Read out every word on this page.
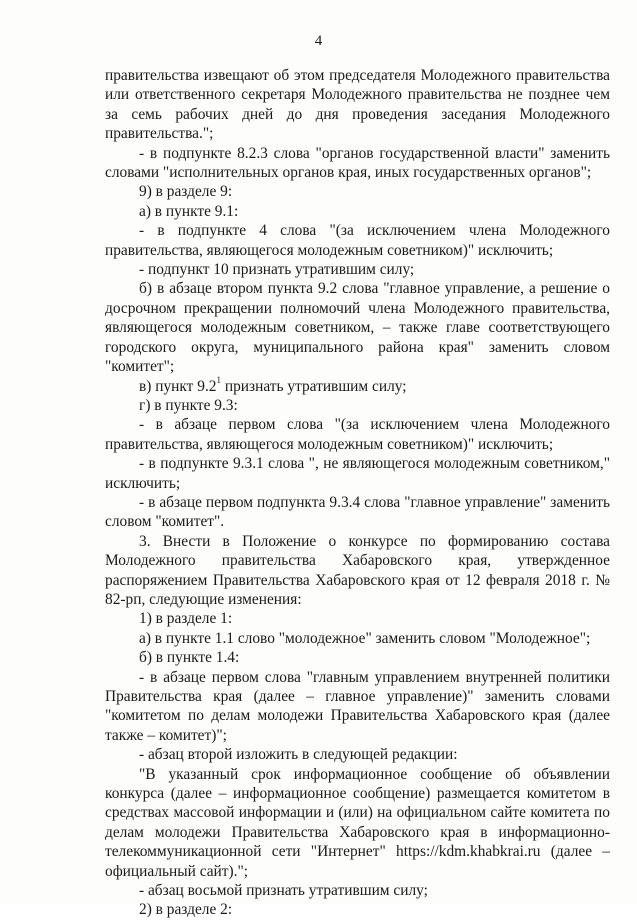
4

правительства извещают об этом председателя Молодежного правительства или ответственного секретаря Молодежного правительства не позднее чем за семь рабочих дней до дня проведения заседания Молодежного правительства.";

- в подпункте 8.2.3 слова "органов государственной власти" заменить словами "исполнительных органов края, иных государственных органов";

9) в разделе 9:

а) в пункте 9.1:

- в подпункте 4 слова "(за исключением члена Молодежного правительства, являющегося молодежным советником)" исключить;

- подпункт 10 признать утратившим силу;

б) в абзаце втором пункта 9.2 слова "главное управление, а решение о досрочном прекращении полномочий члена Молодежного правительства, являющегося молодежным советником, – также главе соответствующего городского округа, муниципального района края" заменить словом "комитет";

в) пункт $9.2^1$ признать утратившим силу;

г) в пункте 9.3:

- в абзаце первом слова "(за исключением члена Молодежного правительства, являющегося молодежным советником)" исключить;

- в подпункте 9.3.1 слова ", не являющегося молодежным советником," исключить;

- в абзаце первом подпункта 9.3.4 слова "главное управление" заменить словом "комитет".

3. Внести в Положение о конкурсе по формированию состава Молодежного правительства Хабаровского края, утвержденное распоряжением Правительства Хабаровского края от 12 февраля 2018 г. № 82-рп, следующие изменения:

1) в разделе 1:

а) в пункте 1.1 слово "молодежное" заменить словом "Молодежное";

б) в пункте 1.4:

- в абзаце первом слова "главным управлением внутренней политики Правительства края (далее – главное управление)" заменить словами "комитетом по делам молодежи Правительства Хабаровского края (далее также – комитет)";

- абзац второй изложить в следующей редакции:

"В указанный срок информационное сообщение об объявлении конкурса (далее – информационное сообщение) размещается комитетом в средствах массовой информации и (или) на официальном сайте комитета по делам молодежи Правительства Хабаровского края в информационно-телекоммуникационной сети "Интернет" https://kdm.khabkrai.ru (далее – официальный сайт).";

- абзац восьмой признать утратившим силу;

2) в разделе 2:
